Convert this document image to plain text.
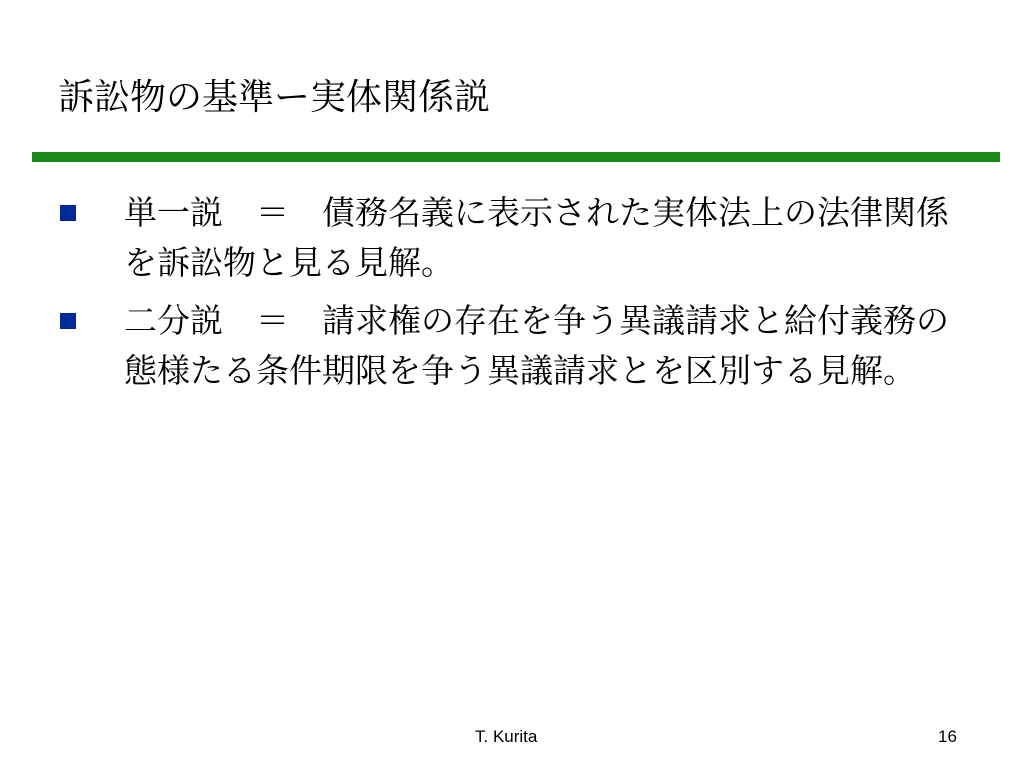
訴訟物の基準ー実体関係説
単一説　＝　債務名義に表示された実体法上の法律関係を訴訟物と見る見解。
二分説　＝　請求権の存在を争う異議請求と給付義務の態様たる条件期限を争う異議請求とを区別する見解。
T. Kurita	16
